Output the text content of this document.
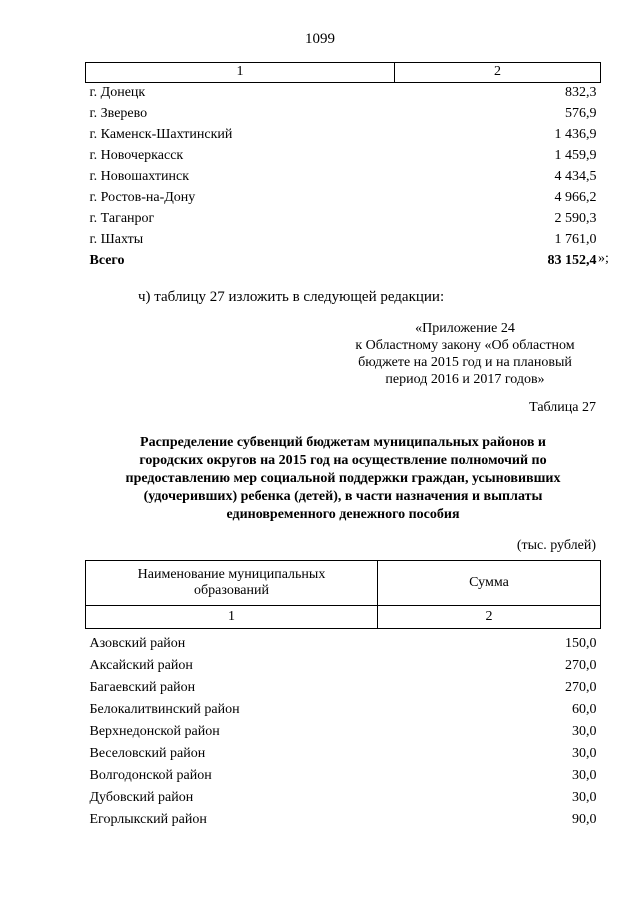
1099
1	2
г. Донецк	832,3
г. Зверево	576,9
г. Каменск-Шахтинский	1 436,9
г. Новочеркасск	1 459,9
г. Новошахтинск	4 434,5
г. Ростов-на-Дону	4 966,2
г. Таганрог	2 590,3
г. Шахты	1 761,0
Всего	83 152,4 »;
ч) таблицу 27 изложить в следующей редакции:
«Приложение 24
к Областному закону «Об областном
бюджете на 2015 год и на плановый
период 2016 и 2017 годов»
Таблица 27
Распределение субвенций бюджетам муниципальных районов и
городских округов на 2015 год на осуществление полномочий по
предоставлению мер социальной поддержки граждан, усыновивших
(удочеривших) ребенка (детей), в части назначения и выплаты
единовременного денежного пособия
(тыс. рублей)
Наименование муниципальных
образований	Сумма
1	2
Азовский район	150,0
Аксайский район	270,0
Багаевский район	270,0
Белокалитвинский район	60,0
Верхнедонской район	30,0
Веселовский район	30,0
Волгодонской район	30,0
Дубовский район	30,0
Егорлыкский район	90,0
